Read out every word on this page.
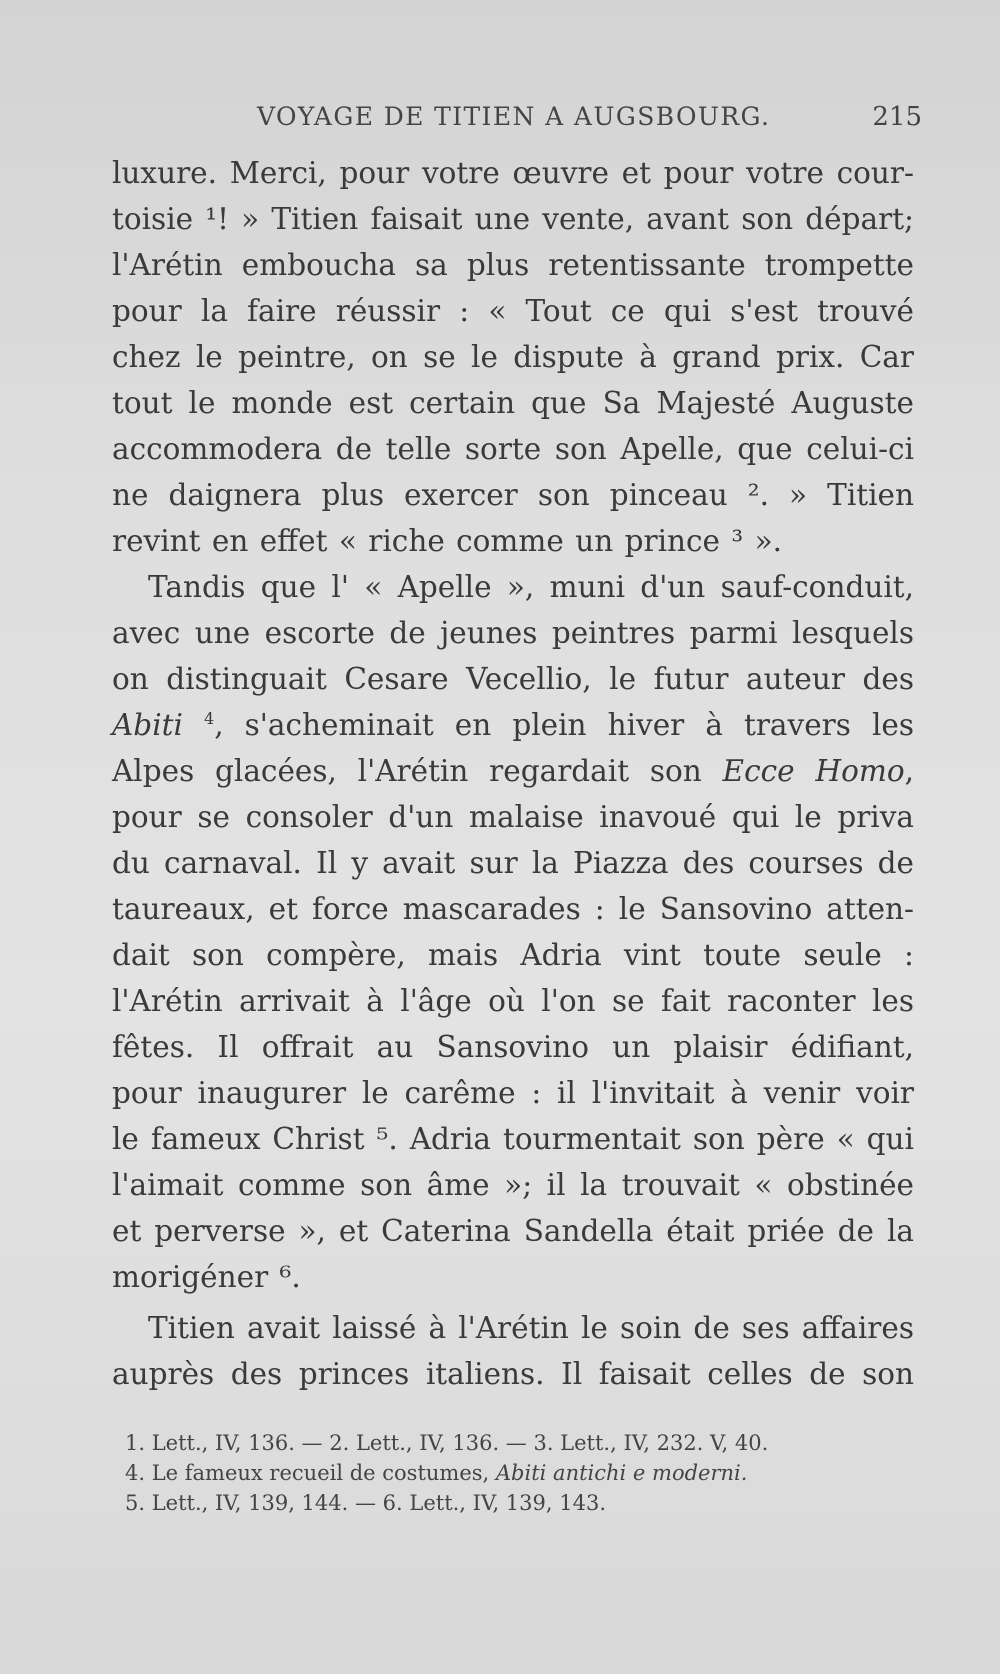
VOYAGE DE TITIEN A AUGSBOURG.	215
luxure. Merci, pour votre œuvre et pour votre cour-
toisie ¹! » Titien faisait une vente, avant son départ;
l'Arétin emboucha sa plus retentissante trompette
pour la faire réussir : « Tout ce qui s'est trouvé
chez le peintre, on se le dispute à grand prix. Car
tout le monde est certain que Sa Majesté Auguste
accommodera de telle sorte son Apelle, que celui-ci
ne daignera plus exercer son pinceau ². » Titien
revint en effet « riche comme un prince ³ ».
Tandis que l' « Apelle », muni d'un sauf-conduit,
avec une escorte de jeunes peintres parmi lesquels
on distinguait Cesare Vecellio, le futur auteur des
Abiti $^4$, s'acheminait en plein hiver à travers les
Alpes glacées, l'Arétin regardait son Ecce Homo,
pour se consoler d'un malaise inavoué qui le priva
du carnaval. Il y avait sur la Piazza des courses de
taureaux, et force mascarades : le Sansovino atten-
dait son compère, mais Adria vint toute seule :
l'Arétin arrivait à l'âge où l'on se fait raconter les
fêtes. Il offrait au Sansovino un plaisir édifiant,
pour inaugurer le carême : il l'invitait à venir voir
le fameux Christ ⁵. Adria tourmentait son père « qui
l'aimait comme son âme »; il la trouvait « obstinée
et perverse », et Caterina Sandella était priée de la
morigéner ⁶.
Titien avait laissé à l'Arétin le soin de ses affaires
auprès des princes italiens. Il faisait celles de son
1. Lett., IV, 136. — 2. Lett., IV, 136. — 3. Lett., IV, 232. V, 40.
4. Le fameux recueil de costumes, Abiti antichi e moderni.
5. Lett., IV, 139, 144. — 6. Lett., IV, 139, 143.
